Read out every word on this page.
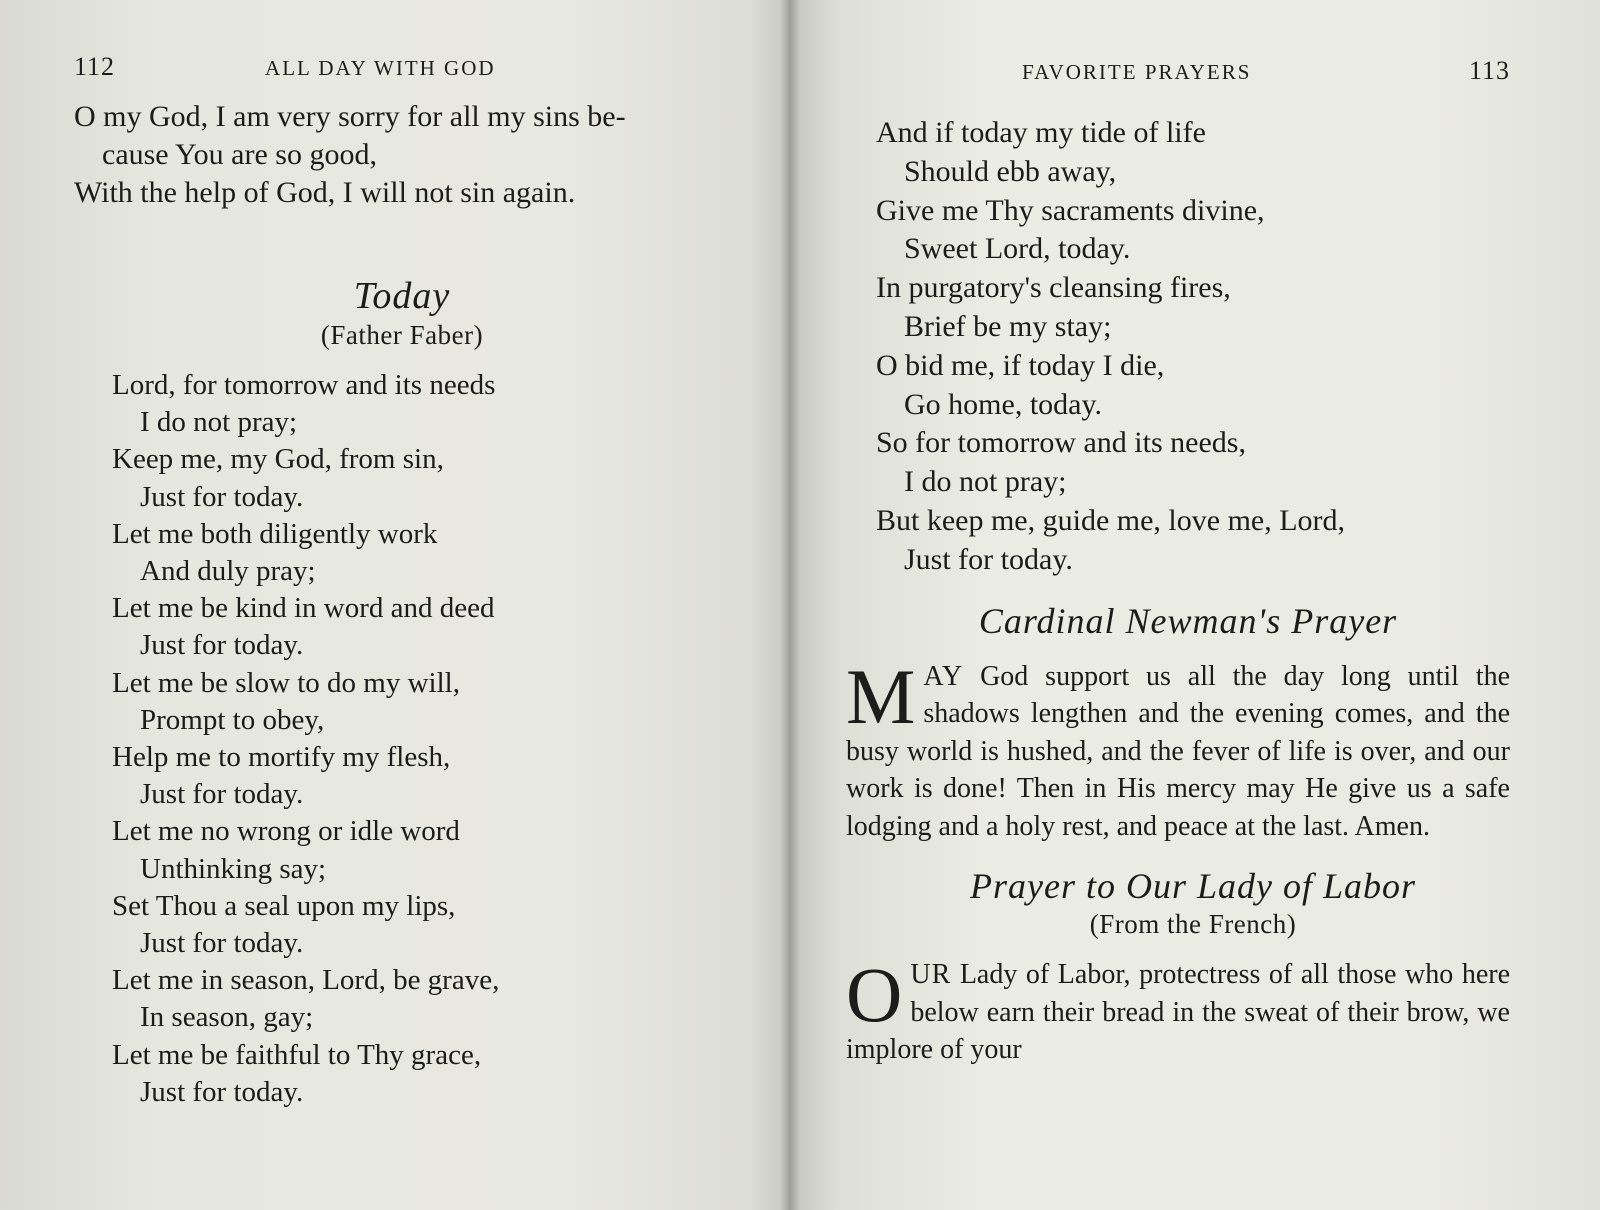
112	ALL DAY WITH GOD

O my God, I am very sorry for all my sins be-

cause You are so good,

With the help of God, I will not sin again.

Today
(Father Faber)
Lord, for tomorrow and its needs
I do not pray;
Keep me, my God, from sin,
Just for today.
Let me both diligently work
And duly pray;
Let me be kind in word and deed
Just for today.
Let me be slow to do my will,
Prompt to obey,
Help me to mortify my flesh,
Just for today.
Let me no wrong or idle word
Unthinking say;
Set Thou a seal upon my lips,
Just for today.
Let me in season, Lord, be grave,
In season, gay;
Let me be faithful to Thy grace,
Just for today.
FAVORITE PRAYERS	113
And if today my tide of life
Should ebb away,
Give me Thy sacraments divine,
Sweet Lord, today.
In purgatory's cleansing fires,
Brief be my stay;
O bid me, if today I die,
Go home, today.
So for tomorrow and its needs,
I do not pray;
But keep me, guide me, love me, Lord,
Just for today.
Cardinal Newman's Prayer

MAY God support us all the day long until the shadows lengthen and the evening comes, and the busy world is hushed, and the fever of life is over, and our work is done! Then in His mercy may He give us a safe lodging and a holy rest, and peace at the last. Amen.

Prayer to Our Lady of Labor
(From the French)

OUR Lady of Labor, protectress of all those who here below earn their bread in the sweat of their brow, we implore of your
